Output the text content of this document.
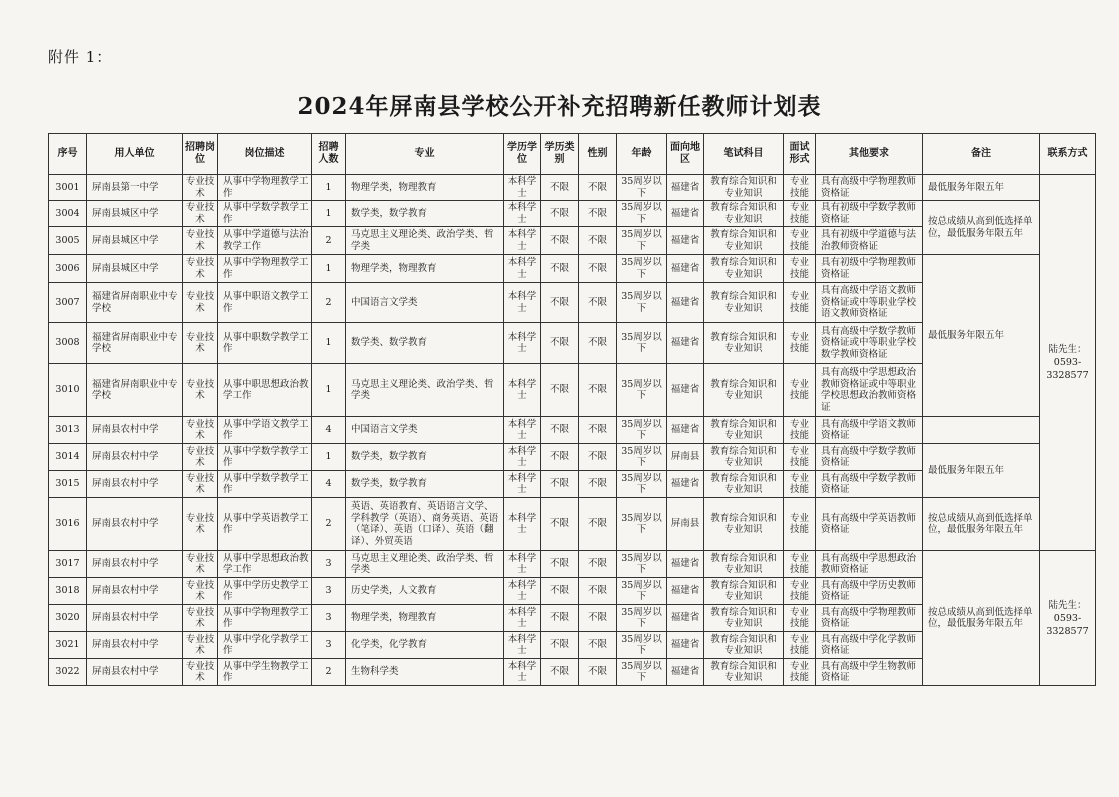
附件 1：
2024年屏南县学校公开补充招聘新任教师计划表
序号	用人单位	招聘岗位	岗位描述	招聘人数	专业	学历学位	学历类别	性别	年龄	面向地区	笔试科目	面试形式	其他要求	备注	联系方式
3001	屏南县第一中学	专业技术	从事中学物理教学工作	1	物理学类，物理教育	本科学士	不限	不限	35周岁以下	福建省	教育综合知识和专业知识	专业技能	具有高级中学物理教师资格证	最低服务年限五年	陆先生：0593-3328577
3004	屏南县城区中学	专业技术	从事中学数学教学工作	1	数学类，数学教育	本科学士	不限	不限	35周岁以下	福建省	教育综合知识和专业知识	专业技能	具有初级中学数学教师资格证	按总成绩从高到低选择单位，最低服务年限五年	
3005	屏南县城区中学	专业技术	从事中学道德与法治教学工作	2	马克思主义理论类、政治学类、哲学类	本科学士	不限	不限	35周岁以下	福建省	教育综合知识和专业知识	专业技能	具有初级中学道德与法治教师资格证		
3006	屏南县城区中学	专业技术	从事中学物理教学工作	1	物理学类，物理教育	本科学士	不限	不限	35周岁以下	福建省	教育综合知识和专业知识	专业技能	具有初级中学物理教师资格证	最低服务年限五年	
3007	福建省屏南职业中专学校	专业技术	从事中职语文教学工作	2	中国语言文学类	本科学士	不限	不限	35周岁以下	福建省	教育综合知识和专业知识	专业技能	具有高级中学语文教师资格证或中等职业学校语文教师资格证		
3008	福建省屏南职业中专学校	专业技术	从事中职数学教学工作	1	数学类、数学教育	本科学士	不限	不限	35周岁以下	福建省	教育综合知识和专业知识	专业技能	具有高级中学数学教师资格证或中等职业学校数学教师资格证		
3010	福建省屏南职业中专学校	专业技术	从事中职思想政治教学工作	1	马克思主义理论类、政治学类、哲学类	本科学士	不限	不限	35周岁以下	福建省	教育综合知识和专业知识	专业技能	具有高级中学思想政治教师资格证或中等职业学校思想政治教师资格证		
3013	屏南县农村中学	专业技术	从事中学语文教学工作	4	中国语言文学类	本科学士	不限	不限	35周岁以下	福建省	教育综合知识和专业知识	专业技能	具有高级中学语文教师资格证		
3014	屏南县农村中学	专业技术	从事中学数学教学工作	1	数学类，数学教育	本科学士	不限	不限	35周岁以下	屏南县	教育综合知识和专业知识	专业技能	具有高级中学数学教师资格证	最低服务年限五年	
3015	屏南县农村中学	专业技术	从事中学数学教学工作	4	数学类，数学教育	本科学士	不限	不限	35周岁以下	福建省	教育综合知识和专业知识	专业技能	具有高级中学数学教师资格证		
3016	屏南县农村中学	专业技术	从事中学英语教学工作	2	英语、英语教育、英语语言文学、学科教学（英语）、商务英语、英语（笔译）、英语（口译）、英语（翻译）、外贸英语	本科学士	不限	不限	35周岁以下	屏南县	教育综合知识和专业知识	专业技能	具有高级中学英语教师资格证	按总成绩从高到低选择单位，最低服务年限五年	
3017	屏南县农村中学	专业技术	从事中学思想政治教学工作	3	马克思主义理论类、政治学类、哲学类	本科学士	不限	不限	35周岁以下	福建省	教育综合知识和专业知识	专业技能	具有高级中学思想政治教师资格证	按总成绩从高到低选择单位，最低服务年限五年	陆先生：0593-3328577
3018	屏南县农村中学	专业技术	从事中学历史教学工作	3	历史学类，人文教育	本科学士	不限	不限	35周岁以下	福建省	教育综合知识和专业知识	专业技能	具有高级中学历史教师资格证		
3020	屏南县农村中学	专业技术	从事中学物理教学工作	3	物理学类，物理教育	本科学士	不限	不限	35周岁以下	福建省	教育综合知识和专业知识	专业技能	具有高级中学物理教师资格证		
3021	屏南县农村中学	专业技术	从事中学化学教学工作	3	化学类，化学教育	本科学士	不限	不限	35周岁以下	福建省	教育综合知识和专业知识	专业技能	具有高级中学化学教师资格证		
3022	屏南县农村中学	专业技术	从事中学生物教学工作	2	生物科学类	本科学士	不限	不限	35周岁以下	福建省	教育综合知识和专业知识	专业技能	具有高级中学生物教师资格证		
